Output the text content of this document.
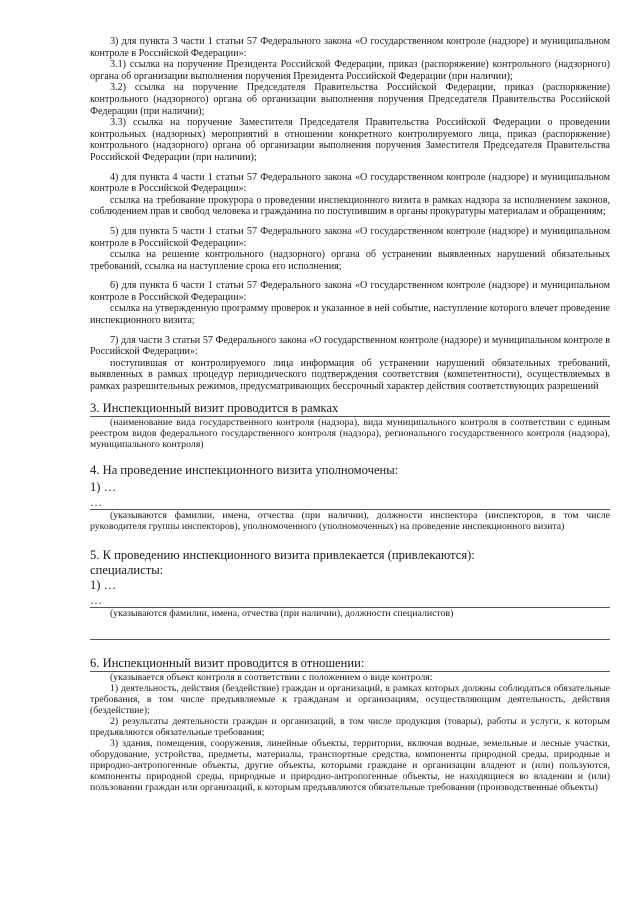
3) для пункта 3 части 1 статьи 57 Федерального закона «О государственном контроле (надзоре) и муниципальном контроле в Российской Федерации»:

3.1) ссылка на поручение Президента Российской Федерации, приказ (распоряжение) контрольного (надзорного) органа об организации выполнения поручения Президента Российской Федерации (при наличии);

3.2) ссылка на поручение Председателя Правительства Российской Федерации, приказ (распоряжение) контрольного (надзорного) органа об организации выполнения поручения Председателя Правительства Российской Федерации (при наличии);

3.3) ссылка на поручение Заместителя Председателя Правительства Российской Федерации о проведении контрольных (надзорных) мероприятий в отношении конкретного контролируемого лица, приказ (распоряжение) контрольного (надзорного) органа об организации выполнения поручения Заместителя Председателя Правительства Российской Федерации (при наличии);

4) для пункта 4 части 1 статьи 57 Федерального закона «О государственном контроле (надзоре) и муниципальном контроле в Российской Федерации»:

ссылка на требование прокурора о проведении инспекционного визита в рамках надзора за исполнением законов, соблюдением прав и свобод человека и гражданина по поступившим в органы прокуратуры материалам и обращениям;

5) для пункта 5 части 1 статьи 57 Федерального закона «О государственном контроле (надзоре) и муниципальном контроле в Российской Федерации»:

ссылка на решение контрольного (надзорного) органа об устранении выявленных нарушений обязательных требований, ссылка на наступление срока его исполнения;

6) для пункта 6 части 1 статьи 57 Федерального закона «О государственном контроле (надзоре) и муниципальном контроле в Российской Федерации»:

ссылка на утвержденную программу проверок и указанное в ней событие, наступление которого влечет проведение инспекционного визита;

7) для части 3 статьи 57 Федерального закона «О государственном контроле (надзоре) и муниципальном контроле в Российской Федерации»:

поступившая от контролируемого лица информация об устранении нарушений обязательных требований, выявленных в рамках процедур периодического подтверждения соответствия (компетентности), осуществляемых в рамках разрешительных режимов, предусматривающих бессрочный характер действия соответствующих разрешений

3. Инспекционный визит проводится в рамках

(наименование вида государственного контроля (надзора), вида муниципального контроля в соответствии с единым реестром видов федерального государственного контроля (надзора), регионального государственного контроля (надзора), муниципального контроля)

4. На проведение инспекционного визита уполномочены:

1) …

…

(указываются фамилии, имена, отчества (при наличии), должности инспектора (инспекторов, в том числе руководителя группы инспекторов), уполномоченного (уполномоченных) на проведение инспекционного визита)

5. К проведению инспекционного визита привлекается (привлекаются):

специалисты:

1) …

…

(указываются фамилии, имена, отчества (при наличии), должности специалистов)

6. Инспекционный визит проводится в отношении:

(указывается объект контроля в соответствии с положением о виде контроля:

1) деятельность, действия (бездействие) граждан и организаций, в рамках которых должны соблюдаться обязательные требования, в том числе предъявляемые к гражданам и организациям, осуществляющим деятельность, действия (бездействие);

2) результаты деятельности граждан и организаций, в том числе продукция (товары), работы и услуги, к которым предъявляются обязательные требования;

3) здания, помещения, сооружения, линейные объекты, территории, включая водные, земельные и лесные участки, оборудование, устройства, предметы, материалы, транспортные средства, компоненты природной среды, природные и природно-антропогенные объекты, другие объекты, которыми граждане и организации владеют и (или) пользуются, компоненты природной среды, природные и природно-антропогенные объекты, не находящиеся во владении и (или) пользовании граждан или организаций, к которым предъявляются обязательные требования (производственные объекты)
